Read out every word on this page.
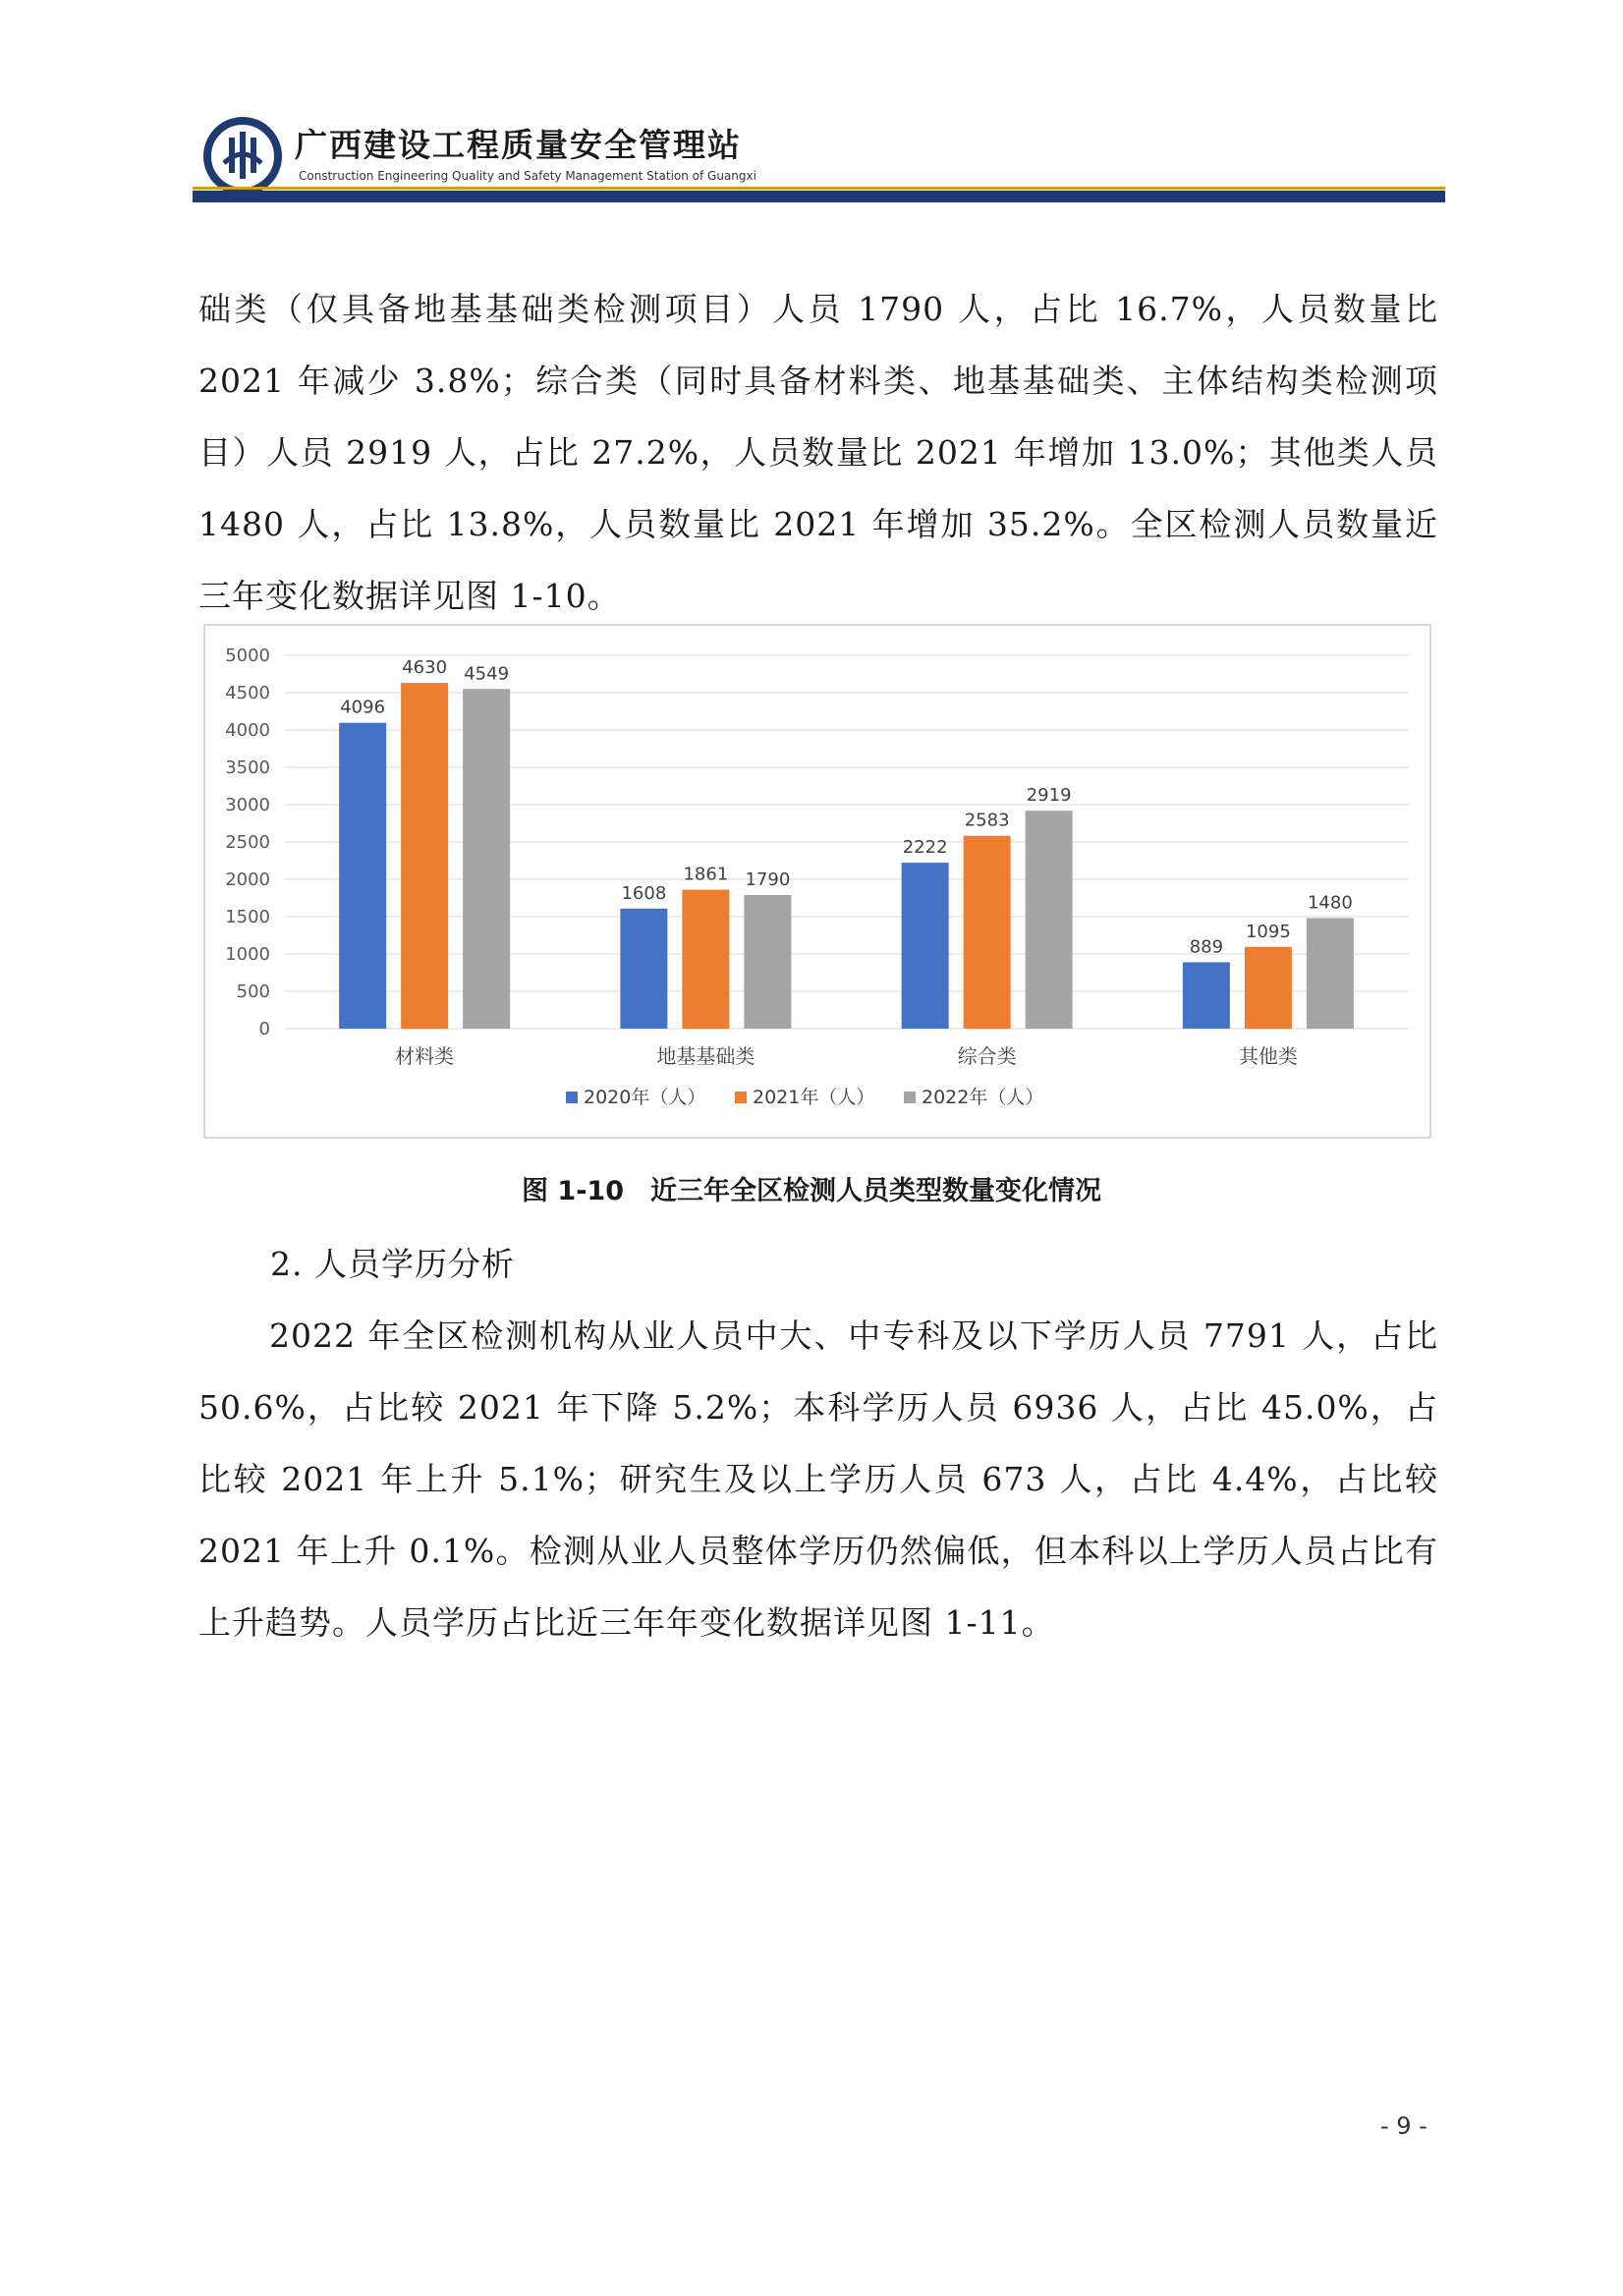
广西建设工程质量安全管理站
Construction Engineering Quality and Safety Management Station of Guangxi

础类（仅具备地基基础类检测项目）人员 1790 人，占比 16.7%，人员数量比 2021 年减少 3.8%；综合类（同时具备材料类、地基基础类、主体结构类检测项目）人员 2919 人，占比 27.2%，人员数量比 2021 年增加 13.0%；其他类人员 1480 人，占比 13.8%，人员数量比 2021 年增加 35.2%。全区检测人员数量近三年变化数据详见图 1-10。

0
500
1000
1500
2000
2500
3000
3500
4000
4500
5000
4096
4630 4549
材料类
1608
1861 1790
地基基础类
2222
2583
2919
综合类
889
1095
1480
其他类
2020年（人）	2021年（人）	2022年（人）
图 1-10　近三年全区检测人员类型数量变化情况

2. 人员学历分析

2022 年全区检测机构从业人员中大、中专科及以下学历人员 7791 人，占比 50.6%，占比较 2021 年下降 5.2%；本科学历人员 6936 人，占比 45.0%，占比较 2021 年上升 5.1%；研究生及以上学历人员 673 人，占比 4.4%，占比较 2021 年上升 0.1%。检测从业人员整体学历仍然偏低，但本科以上学历人员占比有上升趋势。人员学历占比近三年年变化数据详见图 1-11。

- 9 -
